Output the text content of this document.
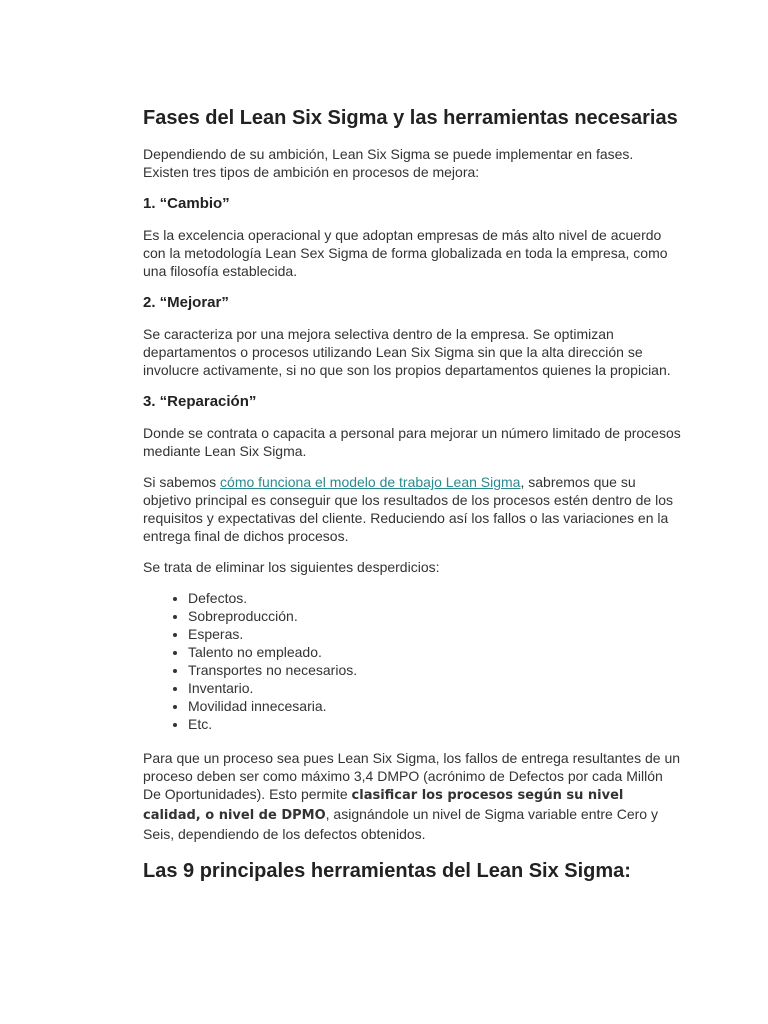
Fases del Lean Six Sigma y las herramientas necesarias

Dependiendo de su ambición, Lean Six Sigma se puede implementar en fases. Existen tres tipos de ambición en procesos de mejora:

1. “Cambio”

Es la excelencia operacional y que adoptan empresas de más alto nivel de acuerdo con la metodología Lean Sex Sigma de forma globalizada en toda la empresa, como una filosofía establecida.

2. “Mejorar”

Se caracteriza por una mejora selectiva dentro de la empresa. Se optimizan departamentos o procesos utilizando Lean Six Sigma sin que la alta dirección se involucre activamente, si no que son los propios departamentos quienes la propician.

3. “Reparación”

Donde se contrata o capacita a personal para mejorar un número limitado de procesos mediante Lean Six Sigma.

Si sabemos cómo funciona el modelo de trabajo Lean Sigma, sabremos que su objetivo principal es conseguir que los resultados de los procesos estén dentro de los requisitos y expectativas del cliente. Reduciendo así los fallos o las variaciones en la entrega final de dichos procesos.

Se trata de eliminar los siguientes desperdicios:

• Defectos.
• Sobreproducción.
• Esperas.
• Talento no empleado.
• Transportes no necesarios.
• Inventario.
• Movilidad innecesaria.
• Etc.

Para que un proceso sea pues Lean Six Sigma, los fallos de entrega resultantes de un proceso deben ser como máximo 3,4 DMPO (acrónimo de Defectos por cada Millón De Oportunidades). Esto permite clasificar los procesos según su nivel calidad, o nivel de DPMO, asignándole un nivel de Sigma variable entre Cero y Seis, dependiendo de los defectos obtenidos.

Las 9 principales herramientas del Lean Six Sigma:
